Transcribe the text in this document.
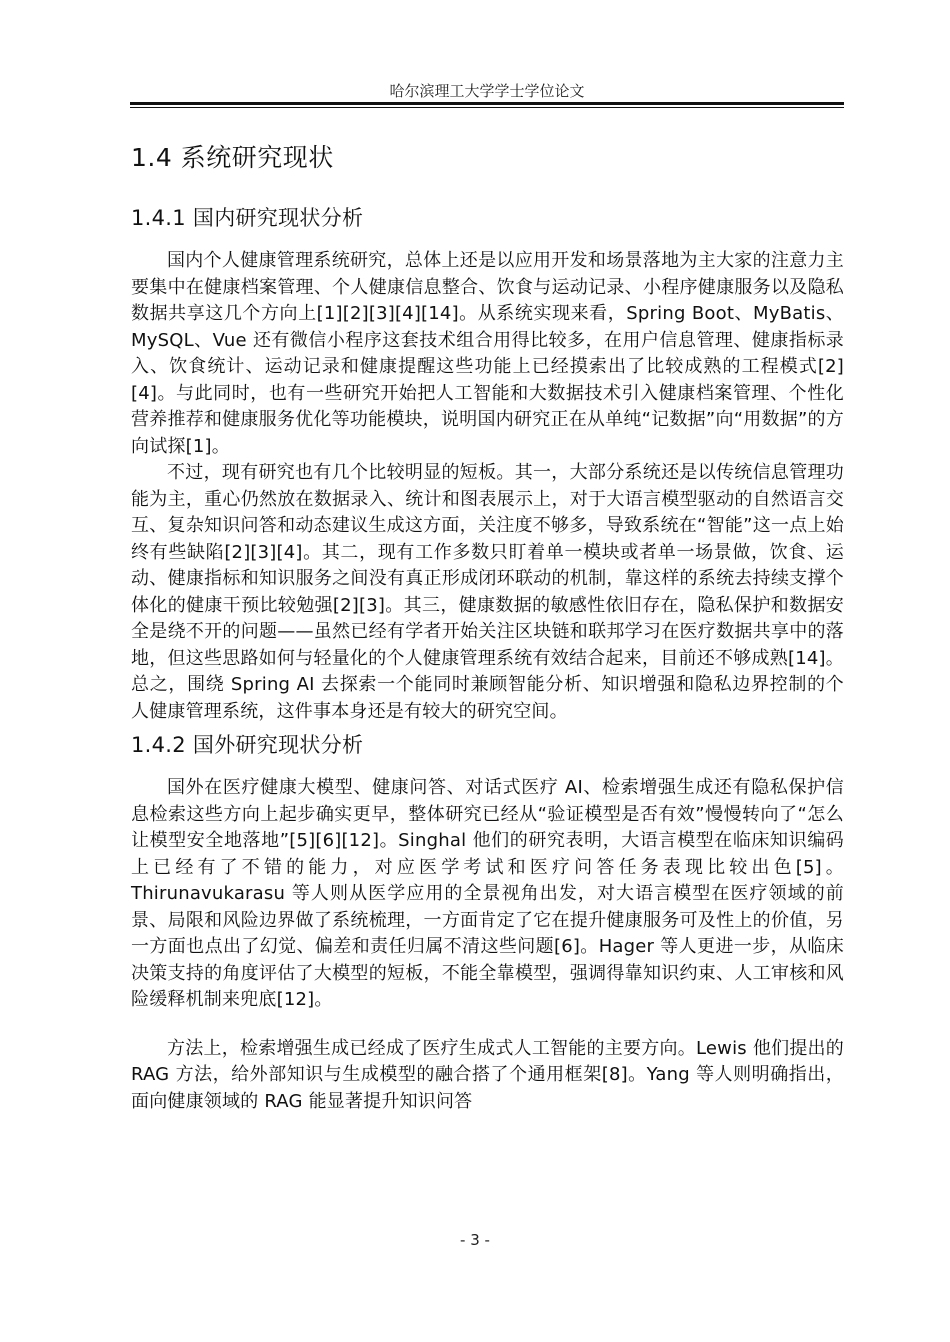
哈尔滨理工大学学士学位论文
1.4 系统研究现状
1.4.1 国内研究现状分析

国内个人健康管理系统研究，总体上还是以应用开发和场景落地为主大家的注意力主要集中在健康档案管理、个人健康信息整合、饮食与运动记录、小程序健康服务以及隐私数据共享这几个方向上[1][2][3][4][14]。从系统实现来看，Spring Boot、MyBatis、MySQL、Vue 还有微信小程序这套技术组合用得比较多，在用户信息管理、健康指标录入、饮食统计、运动记录和健康提醒这些功能上已经摸索出了比较成熟的工程模式[2][4]。与此同时，也有一些研究开始把人工智能和大数据技术引入健康档案管理、个性化营养推荐和健康服务优化等功能模块，说明国内研究正在从单纯“记数据”向“用数据”的方向试探[1]。

不过，现有研究也有几个比较明显的短板。其一，大部分系统还是以传统信息管理功能为主，重心仍然放在数据录入、统计和图表展示上，对于大语言模型驱动的自然语言交互、复杂知识问答和动态建议生成这方面，关注度不够多，导致系统在“智能”这一点上始终有些缺陷[2][3][4]。其二，现有工作多数只盯着单一模块或者单一场景做，饮食、运动、健康指标和知识服务之间没有真正形成闭环联动的机制，靠这样的系统去持续支撑个体化的健康干预比较勉强[2][3]。其三，健康数据的敏感性依旧存在，隐私保护和数据安全是绕不开的问题——虽然已经有学者开始关注区块链和联邦学习在医疗数据共享中的落地，但这些思路如何与轻量化的个人健康管理系统有效结合起来，目前还不够成熟[14]。总之，围绕 Spring AI 去探索一个能同时兼顾智能分析、知识增强和隐私边界控制的个人健康管理系统，这件事本身还是有较大的研究空间。

1.4.2 国外研究现状分析

国外在医疗健康大模型、健康问答、对话式医疗 AI、检索增强生成还有隐私保护信息检索这些方向上起步确实更早，整体研究已经从“验证模型是否有效”慢慢转向了“怎么让模型安全地落地”[5][6][12]。Singhal 他们的研究表明，大语言模型在临床知识编码上已经有了不错的能力，对应医学考试和医疗问答任务表现比较出色[5]。Thirunavukarasu 等人则从医学应用的全景视角出发，对大语言模型在医疗领域的前景、局限和风险边界做了系统梳理，一方面肯定了它在提升健康服务可及性上的价值，另一方面也点出了幻觉、偏差和责任归属不清这些问题[6]。Hager 等人更进一步，从临床决策支持的角度评估了大模型的短板，不能全靠模型，强调得靠知识约束、人工审核和风险缓释机制来兜底[12]。

方法上，检索增强生成已经成了医疗生成式人工智能的主要方向。Lewis 他们提出的 RAG 方法，给外部知识与生成模型的融合搭了个通用框架[8]。Yang 等人则明确指出，面向健康领域的 RAG 能显著提升知识问答

- 3 -
